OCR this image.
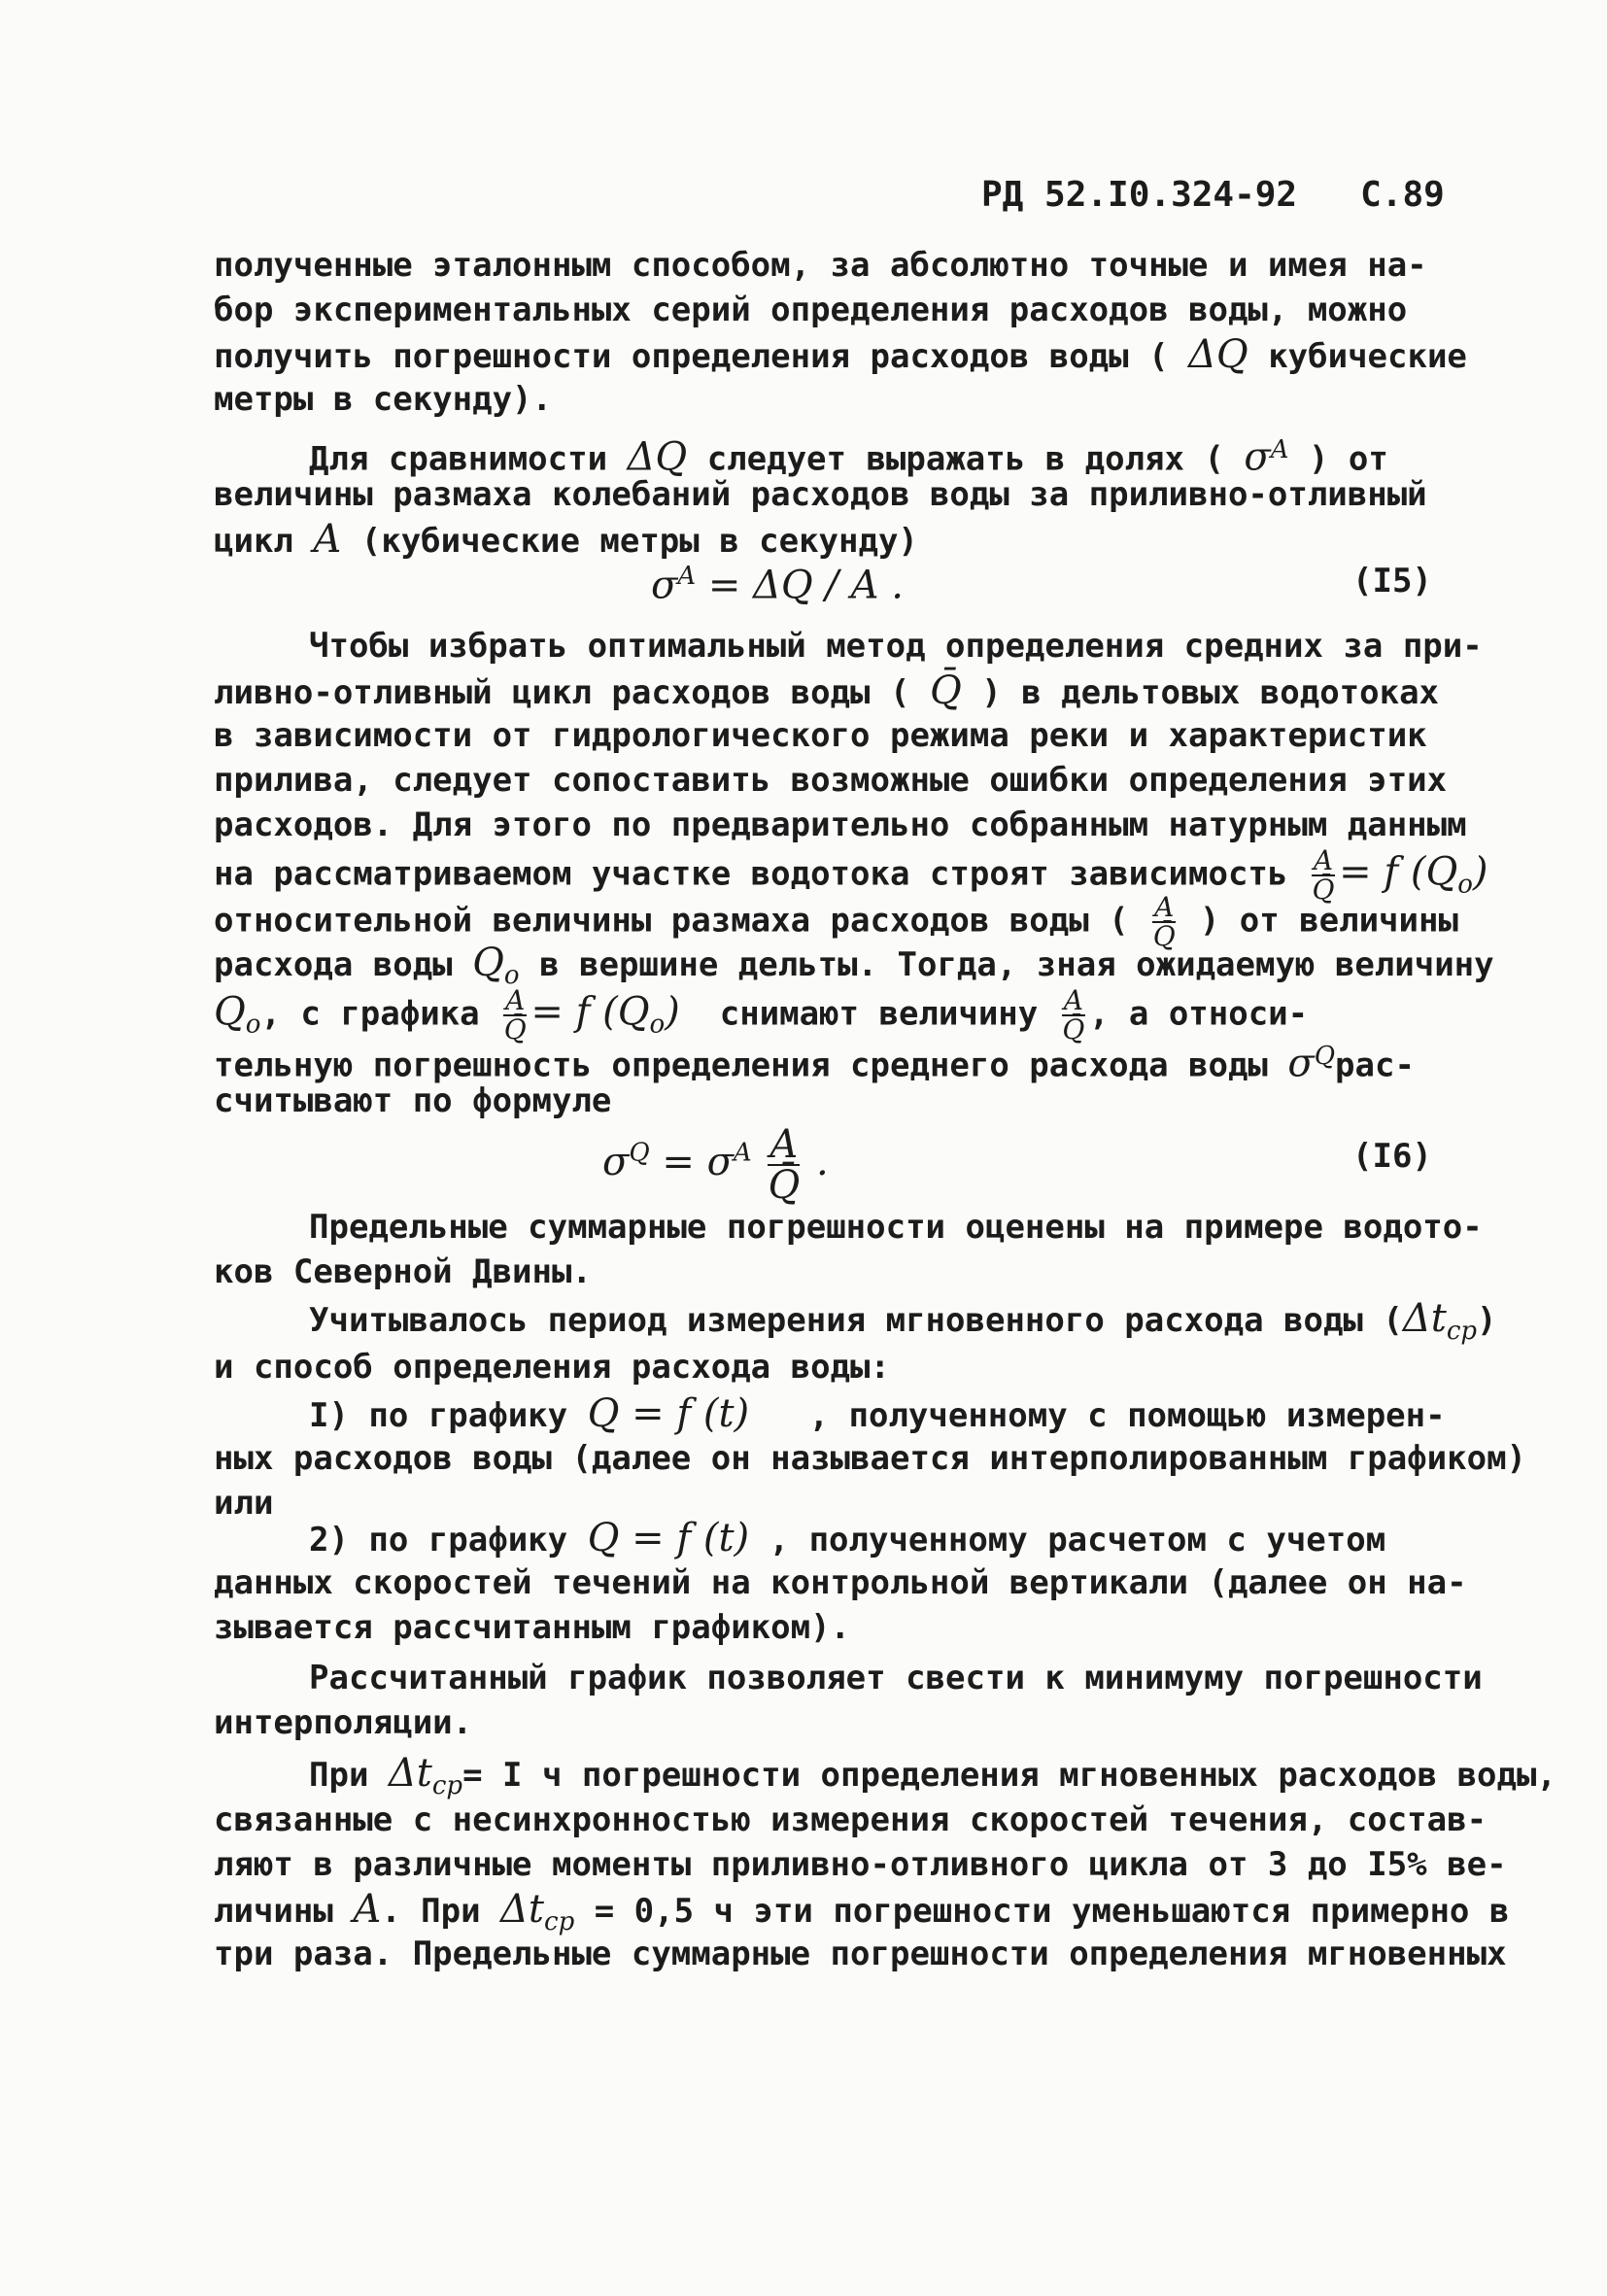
РД 52.I0.324-92   С.89
полученные эталонным способом, за абсолютно точные и имея на-
бор экспериментальных серий определения расходов воды, можно
получить погрешности определения расходов воды ( ΔQ кубические
метры в секунду).
Для сравнимости ΔQ следует выражать в долях ( $\sigma^A$ ) от
величины размаха колебаний расходов воды за приливно-отливный
цикл A (кубические метры в секунду)
$\sigma^A = \Delta Q / A$ .	(I5)
Чтобы избрать оптимальный метод определения средних за при-
ливно-отливный цикл расходов воды ( Q̄ ) в дельтовых водотоках
в зависимости от гидрологического режима реки и характеристик
прилива, следует сопоставить возможные ошибки определения этих
расходов. Для этого по предварительно собранным натурным данным
на рассматриваемом участке водотока строят зависимость $\frac{A}{Q̄} = f$ $(Q_o)$
относительной величины размаха расходов воды ( $\frac{A}{Q̄}$ ) от величины
расхода воды $Q_o$ в вершине дельты. Тогда, зная ожидаемую величину
$Q_o$, с графика $\frac{A}{Q̄} = f$ $(Q_o)$ снимают величину $\frac{A}{Q̄}$ , а относи-
тельную погрешность определения среднего расхода воды $\sigma^Qрас-$
считывают по формуле
$\sigma^Q = \sigma^A \frac{A}{Q̄}$ .	(I6)
Предельные суммарные погрешности оценены на примере водото-
ков Северной Двины.
Учитывалось период измерения мгновенного расхода воды $(\Delta t_{cp})$
и способ определения расхода воды:
I) по графику Q = f (t) , полученному с помощью измерен-
ных расходов воды (далее он называется интерполированным графиком)
или
2) по графику Q = f (t) , полученному расчетом с учетом
данных скоростей течений на контрольной вертикали (далее он на-
зывается рассчитанным графиком).
Рассчитанный график позволяет свести к минимуму погрешности
интерполяции.
При $\Delta t_{cp}= I$ ч погрешности определения мгновенных расходов воды,
связанные с несинхронностью измерения скоростей течения, состав-
ляют в различные моменты приливно-отливного цикла от 3 до I5% ве-
личины A. При $\Delta t_{cp} = 0,5$ ч эти погрешности уменьшаются примерно в
три раза. Предельные суммарные погрешности определения мгновенных
